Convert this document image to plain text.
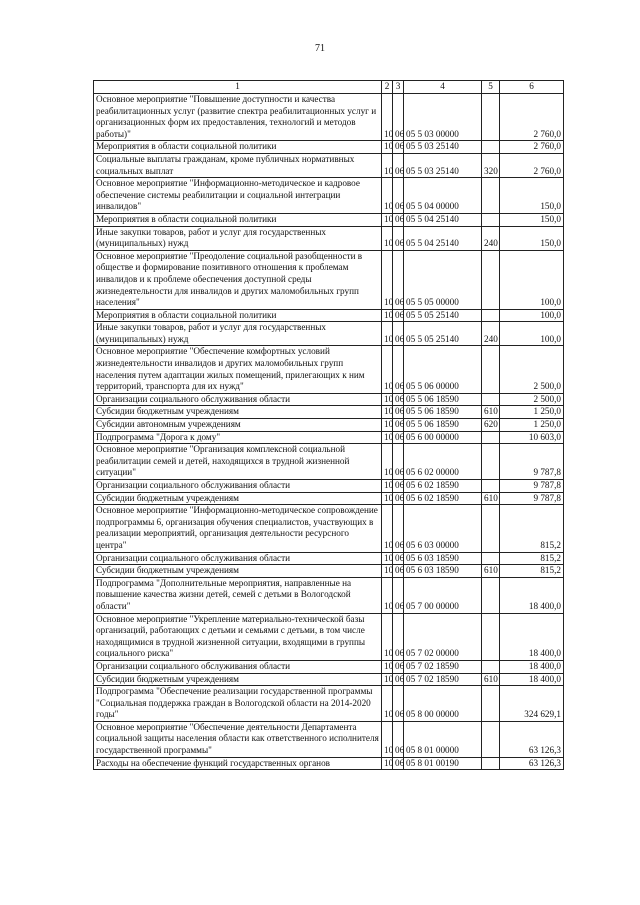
71
1	2	3	4	5	6
Основное мероприятие "Повышение доступности и качества реабилитационных услуг (развитие спектра реабилитационных услуг и организационных форм их предоставления, технологий и методов работы)"	10	06	05 5 03 00000		2 760,0
Мероприятия в области социальной политики	10	06	05 5 03 25140		2 760,0
Социальные выплаты гражданам, кроме публичных нормативных социальных выплат	10	06	05 5 03 25140	320	2 760,0
Основное мероприятие "Информационно-методическое и кадровое обеспечение системы реабилитации и социальной интеграции инвалидов"	10	06	05 5 04 00000		150,0
Мероприятия в области социальной политики	10	06	05 5 04 25140		150,0
Иные закупки товаров, работ и услуг для государственных (муниципальных) нужд	10	06	05 5 04 25140	240	150,0
Основное мероприятие "Преодоление социальной разобщенности в обществе и формирование позитивного отношения к проблемам инвалидов и к проблеме обеспечения доступной среды жизнедеятельности для инвалидов и других маломобильных групп населения"	10	06	05 5 05 00000		100,0
Мероприятия в области социальной политики	10	06	05 5 05 25140		100,0
Иные закупки товаров, работ и услуг для государственных (муниципальных) нужд	10	06	05 5 05 25140	240	100,0
Основное мероприятие "Обеспечение комфортных условий жизнедеятельности инвалидов и других маломобильных групп населения путем адаптации жилых помещений, прилегающих к ним территорий, транспорта для их нужд"	10	06	05 5 06 00000		2 500,0
Организации социального обслуживания области	10	06	05 5 06 18590		2 500,0
Субсидии бюджетным учреждениям	10	06	05 5 06 18590	610	1 250,0
Субсидии автономным учреждениям	10	06	05 5 06 18590	620	1 250,0
Подпрограмма "Дорога к дому"	10	06	05 6 00 00000		10 603,0
Основное мероприятие "Организация комплексной социальной реабилитации семей и детей, находящихся в трудной жизненной ситуации"	10	06	05 6 02 00000		9 787,8
Организации социального обслуживания области	10	06	05 6 02 18590		9 787,8
Субсидии бюджетным учреждениям	10	06	05 6 02 18590	610	9 787,8
Основное мероприятие "Информационно-методическое сопровождение подпрограммы 6, организация обучения специалистов, участвующих в реализации мероприятий, организация деятельности ресурсного центра"	10	06	05 6 03 00000		815,2
Организации социального обслуживания области	10	06	05 6 03 18590		815,2
Субсидии бюджетным учреждениям	10	06	05 6 03 18590	610	815,2
Подпрограмма "Дополнительные мероприятия, направленные на повышение качества жизни детей, семей с детьми в Вологодской области"	10	06	05 7 00 00000		18 400,0
Основное мероприятие "Укрепление материально-технической базы организаций, работающих с детьми и семьями с детьми, в том числе находящимися в трудной жизненной ситуации, входящими в группы социального риска"	10	06	05 7 02 00000		18 400,0
Организации социального обслуживания области	10	06	05 7 02 18590		18 400,0
Субсидии бюджетным учреждениям	10	06	05 7 02 18590	610	18 400,0
Подпрограмма "Обеспечение реализации государственной программы "Социальная поддержка граждан в Вологодской области на 2014-2020 годы"	10	06	05 8 00 00000		324 629,1
Основное мероприятие "Обеспечение деятельности Департамента социальной защиты населения области как ответственного исполнителя государственной программы"	10	06	05 8 01 00000		63 126,3
Расходы на обеспечение функций государственных органов	10	06	05 8 01 00190		63 126,3
